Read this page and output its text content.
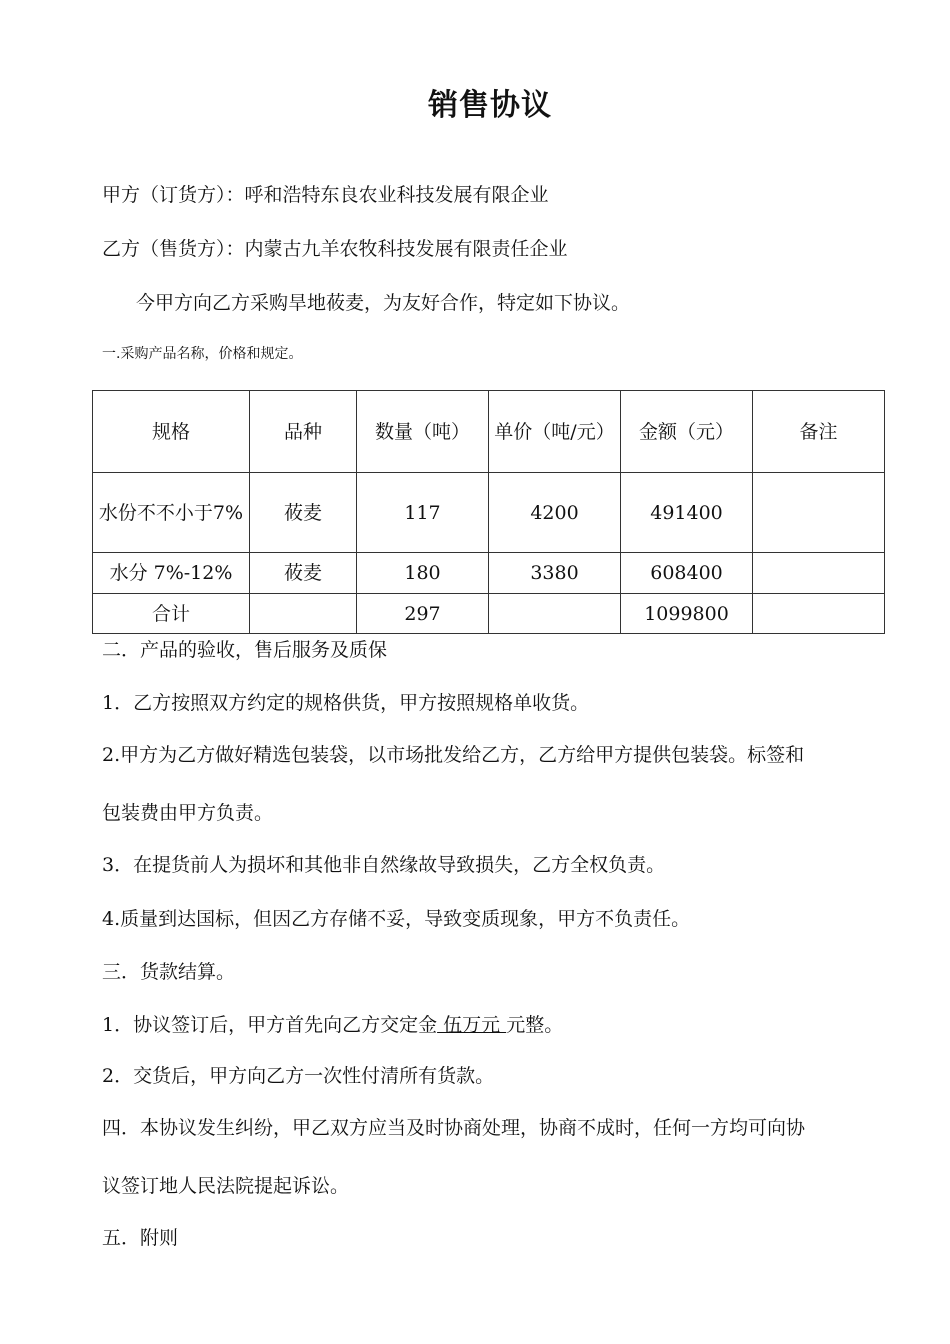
销售协议
甲方（订货方）：呼和浩特东良农业科技发展有限企业
乙方（售货方）：内蒙古九羊农牧科技发展有限责任企业
今甲方向乙方采购旱地莜麦，为友好合作，特定如下协议。
一.采购产品名称，价格和规定。
规格	品种	数量（吨）	单价（吨/元）	金额（元）	备注
水份不不小于7%	莜麦	117	4200	491400	
水分 7%-12%	莜麦	180	3380	608400	
合计		297		1099800	
二．产品的验收，售后服务及质保
1．乙方按照双方约定的规格供货，甲方按照规格单收货。
2.甲方为乙方做好精选包装袋，以市场批发给乙方，乙方给甲方提供包装袋。标签和
包装费由甲方负责。
3．在提货前人为损坏和其他非自然缘故导致损失，乙方全权负责。
4.质量到达国标，但因乙方存储不妥，导致变质现象，甲方不负责任。
三．货款结算。
1．协议签订后，甲方首先向乙方交定金 伍万元 元整。
2．交货后，甲方向乙方一次性付清所有货款。
四．本协议发生纠纷，甲乙双方应当及时协商处理，协商不成时，任何一方均可向协
议签订地人民法院提起诉讼。
五．附则
